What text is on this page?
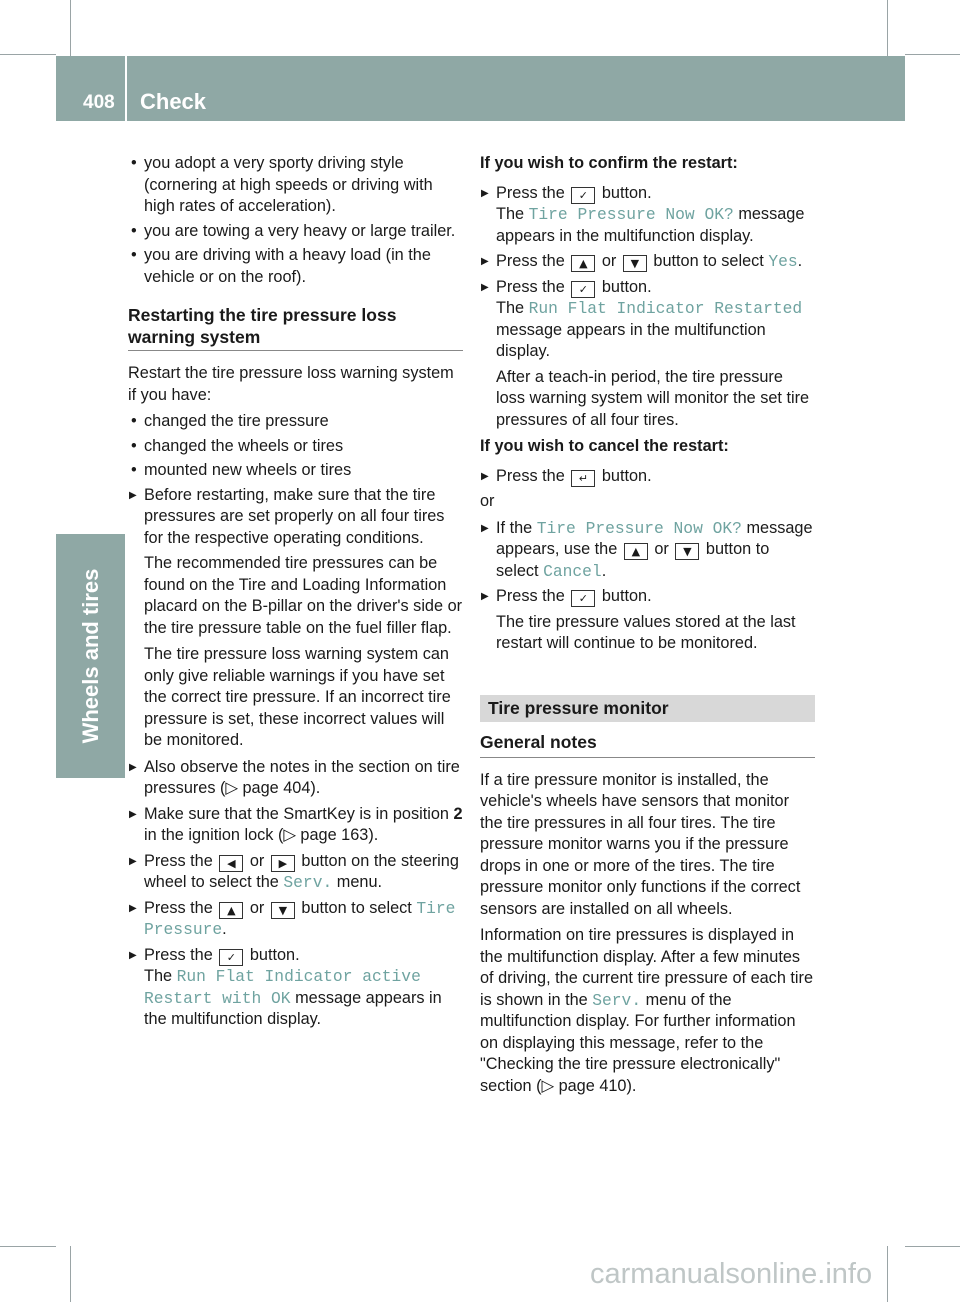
408 Check
Wheels and tires
• you adopt a very sporty driving style (cornering at high speeds or driving with high rates of acceleration).
• you are towing a very heavy or large trailer.
• you are driving with a heavy load (in the vehicle or on the roof).
Restarting the tire pressure loss warning system
Restart the tire pressure loss warning system if you have:
• changed the tire pressure
• changed the wheels or tires
• mounted new wheels or tires
▶ Before restarting, make sure that the tire pressures are set properly on all four tires for the respective operating conditions.
The recommended tire pressures can be found on the Tire and Loading Information placard on the B-pillar on the driver's side or the tire pressure table on the fuel filler flap.
The tire pressure loss warning system can only give reliable warnings if you have set the correct tire pressure. If an incorrect tire pressure is set, these incorrect values will be monitored.
▶ Also observe the notes in the section on tire pressures (▷ page 404).
▶ Make sure that the SmartKey is in position 2 in the ignition lock (▷ page 163).
▶ Press the ◀ or ▶ button on the steering wheel to select the Serv. menu.
▶ Press the ▲ or ▼ button to select Tire Pressure.
▶ Press the ✓ button.
The Run Flat Indicator active Restart with OK message appears in the multifunction display.
If you wish to confirm the restart:
▶ Press the ✓ button.
The Tire Pressure Now OK? message appears in the multifunction display.
▶ Press the ▲ or ▼ button to select Yes.
▶ Press the ✓ button.
The Run Flat Indicator Restarted message appears in the multifunction display.
After a teach-in period, the tire pressure loss warning system will monitor the set tire pressures of all four tires.
If you wish to cancel the restart:
▶ Press the ↵ button.
or
▶ If the Tire Pressure Now OK? message appears, use the ▲ or ▼ button to select Cancel.
▶ Press the ✓ button.
The tire pressure values stored at the last restart will continue to be monitored.
Tire pressure monitor
General notes
If a tire pressure monitor is installed, the vehicle's wheels have sensors that monitor the tire pressures in all four tires. The tire pressure monitor warns you if the pressure drops in one or more of the tires. The tire pressure monitor only functions if the correct sensors are installed on all wheels.
Information on tire pressures is displayed in the multifunction display. After a few minutes of driving, the current tire pressure of each tire is shown in the Serv. menu of the multifunction display. For further information on displaying this message, refer to the "Checking the tire pressure electronically" section (▷ page 410).
carmanualsonline.info
